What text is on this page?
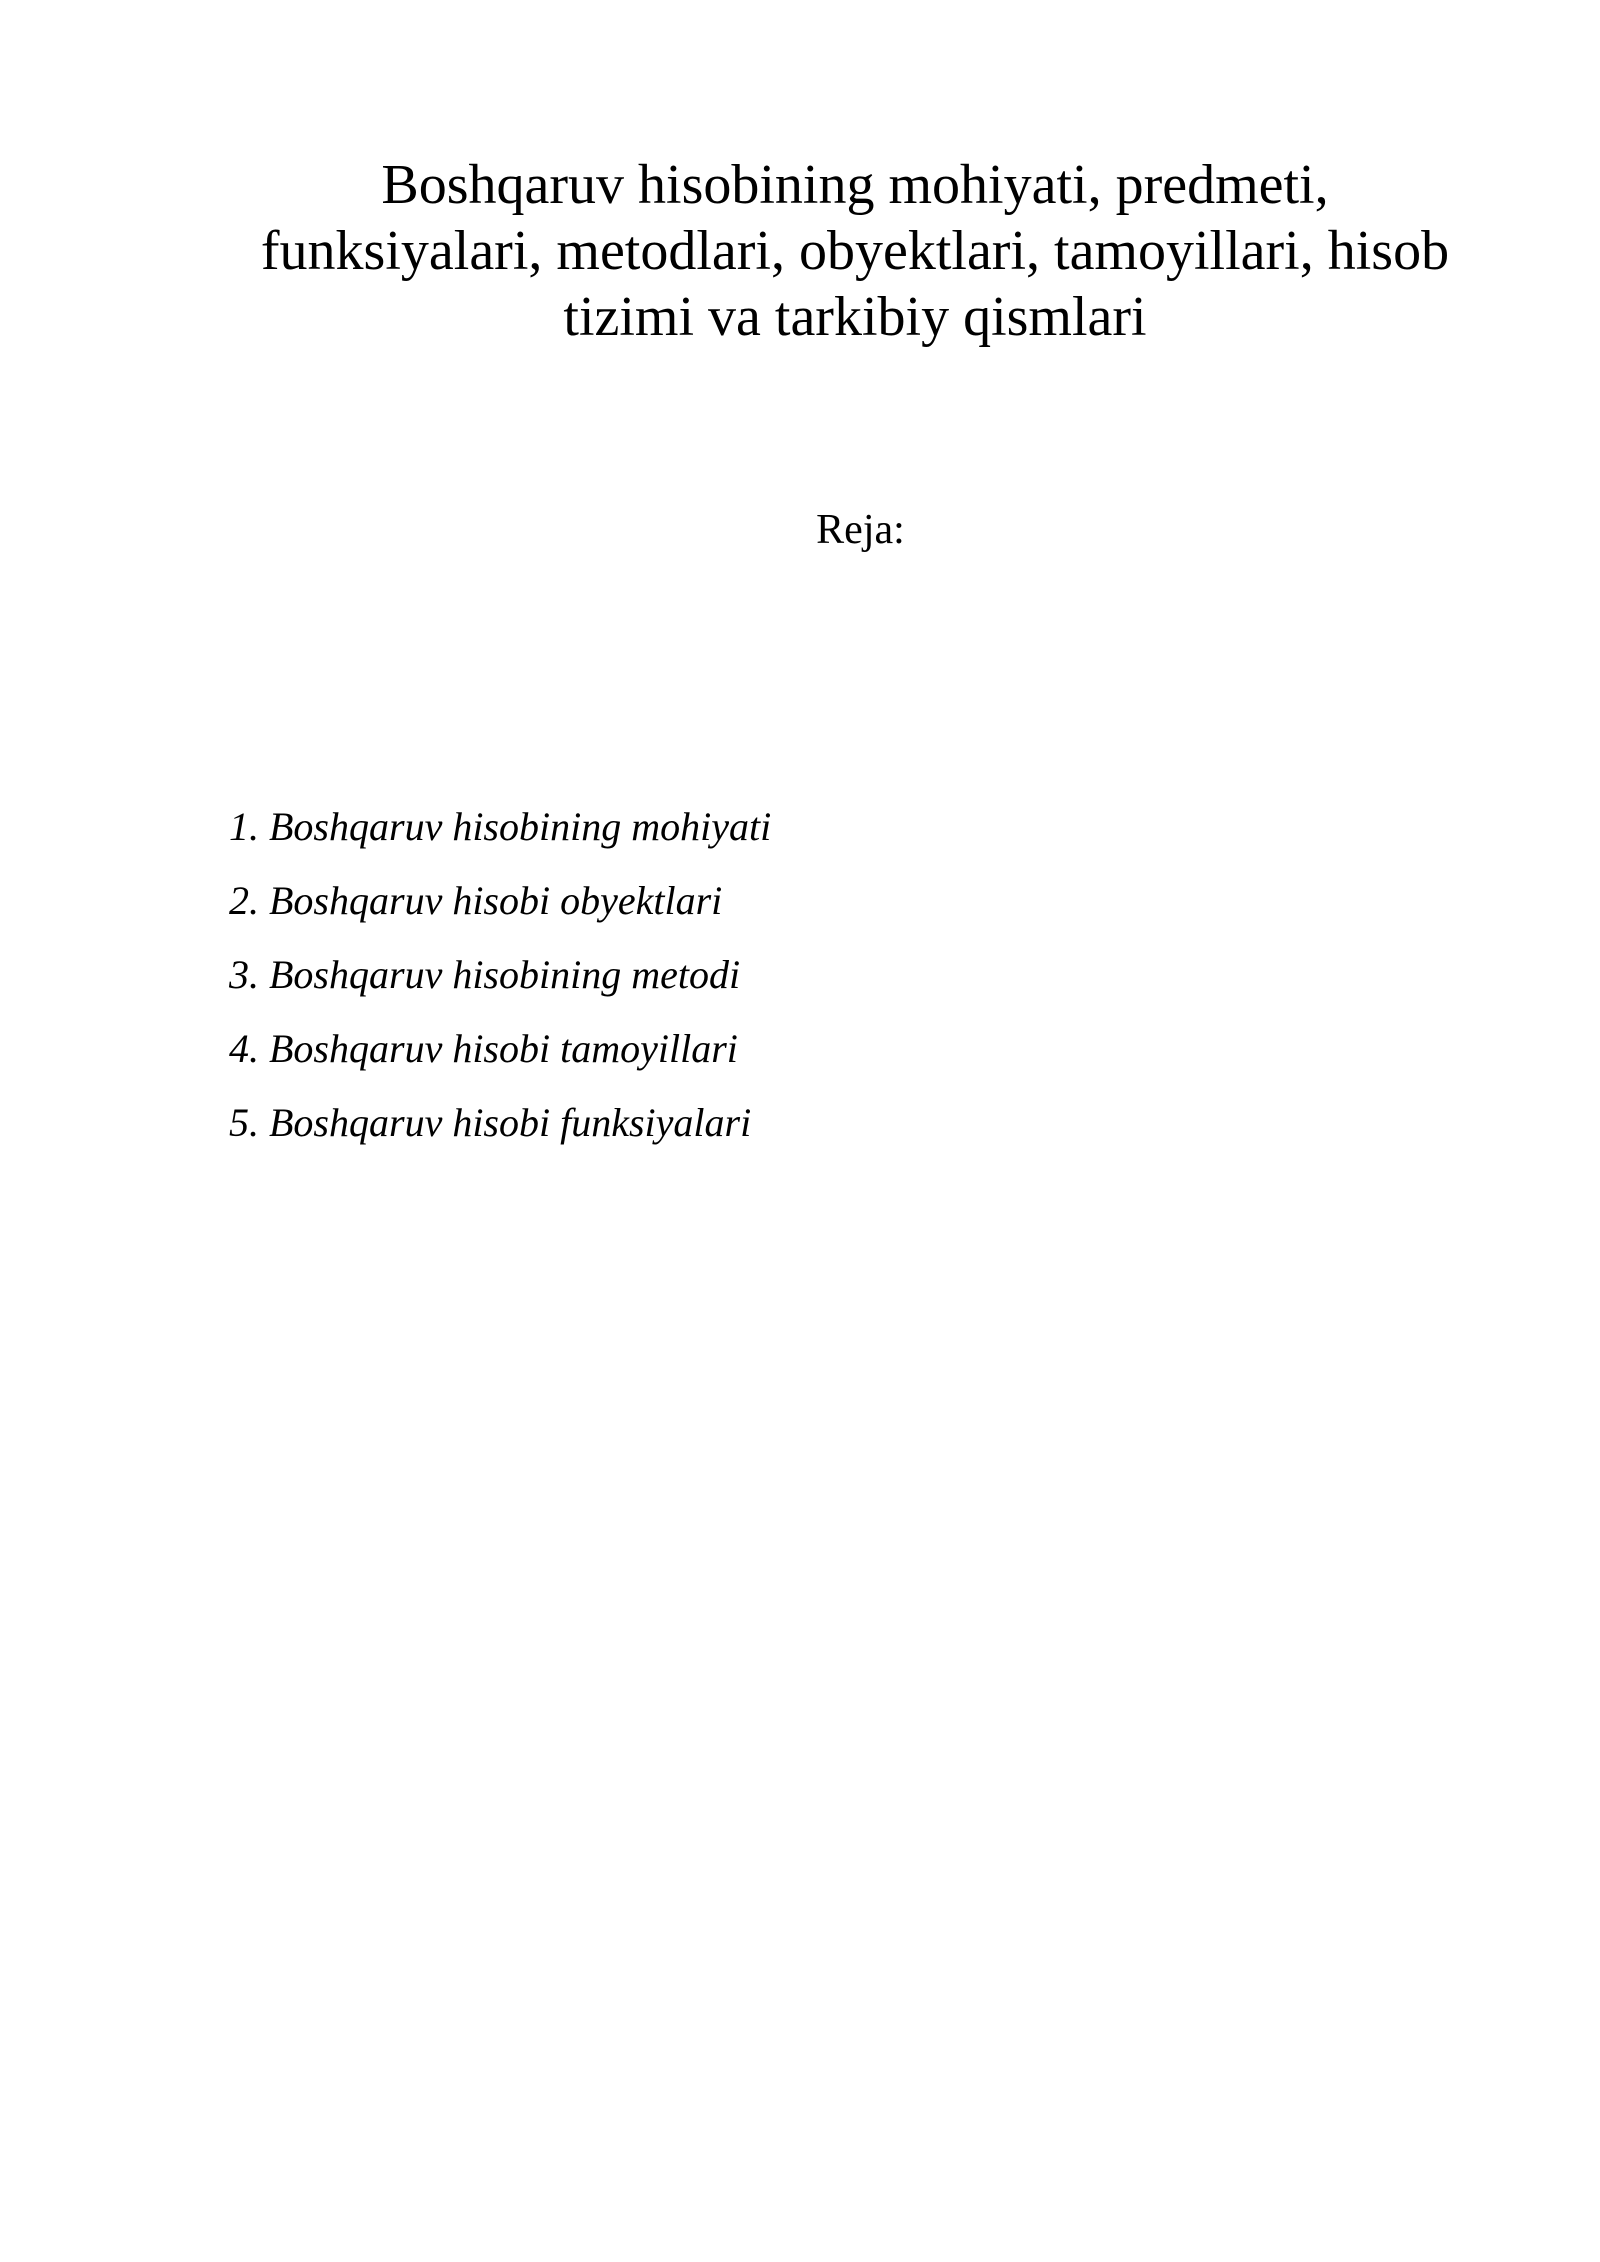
Boshqaruv hisobining mohiyati, predmeti,
funksiyalari, metodlari, obyektlari, tamoyillari, hisob
tizimi va tarkibiy qismlari

Reja:

1. Boshqaruv hisobining mohiyati
2. Boshqaruv hisobi obyektlari
3. Boshqaruv hisobining metodi
4. Boshqaruv hisobi tamoyillari
5. Boshqaruv hisobi funksiyalari
